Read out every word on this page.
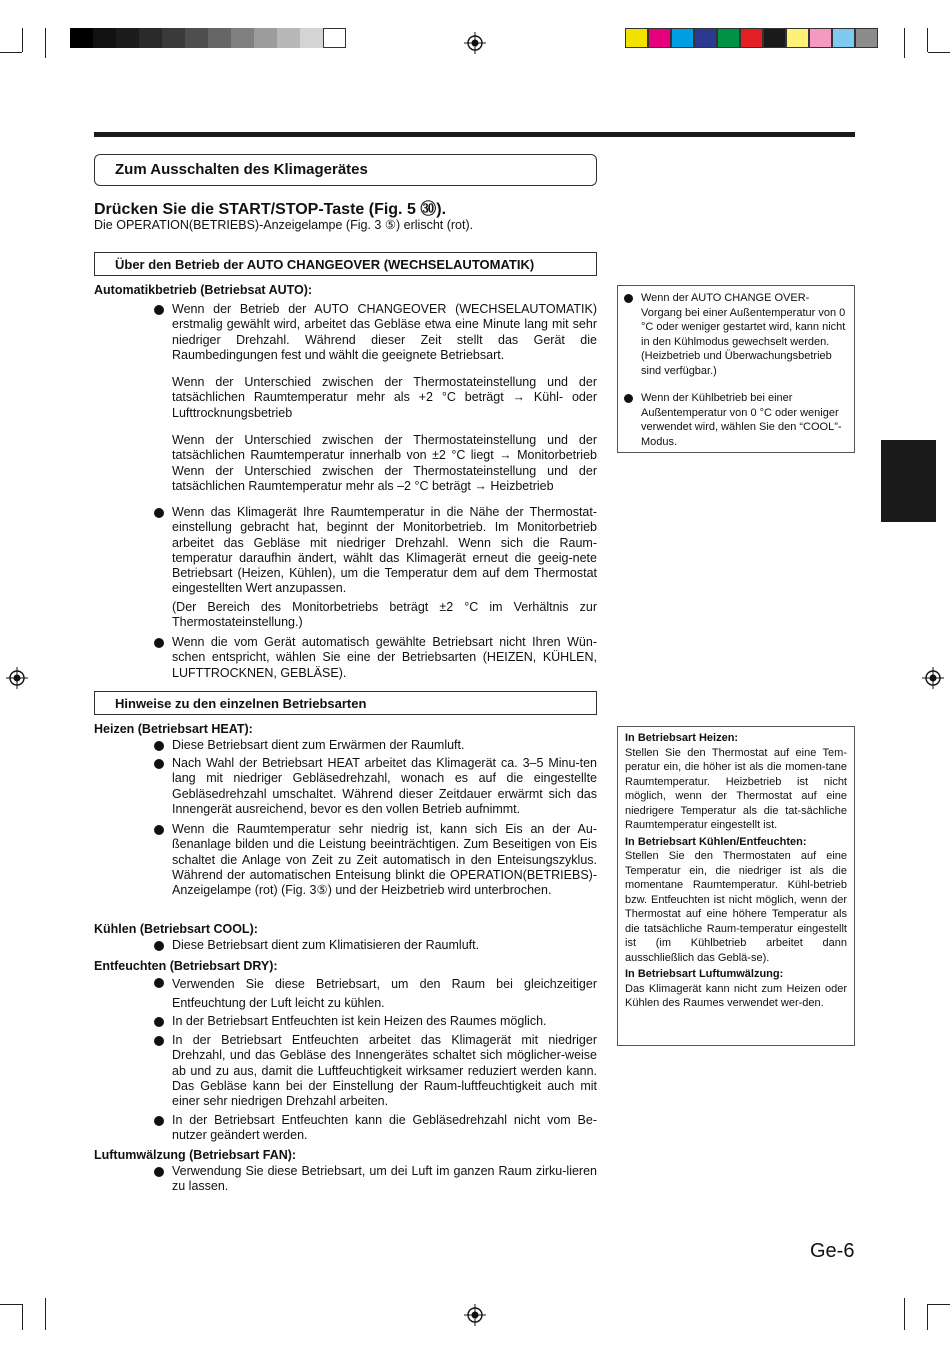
Zum Ausschalten des Klimagerätes
Drücken Sie die START/STOP-Taste (Fig. 5 ㉚).
Die OPERATION(BETRIEBS)-Anzeigelampe (Fig. 3 ⑤) erlischt (rot).
Über den Betrieb der AUTO CHANGEOVER (WECHSELAUTOMATIK)
Automatikbetrieb (Betriebsat AUTO):
Wenn der Betrieb der AUTO CHANGEOVER (WECHSELAUTOMATIK) erstmalig gewählt wird, arbeitet das Gebläse etwa eine Minute lang mit sehr niedriger Drehzahl. Während dieser Zeit stellt das Gerät die Raumbedingungen fest und wählt die geeignete Betriebsart.
Wenn der Unterschied zwischen der Thermostateinstellung und der tatsächlichen Raumtemperatur mehr als +2 °C beträgt → Kühl- oder Lufttrocknungsbetrieb
Wenn der Unterschied zwischen der Thermostateinstellung und der tatsächlichen Raumtemperatur innerhalb von ±2 °C liegt → Monitorbetrieb Wenn der Unterschied zwischen der Thermostateinstellung und der tatsächlichen Raumtemperatur mehr als –2 °C beträgt → Heizbetrieb
Wenn das Klimagerät Ihre Raumtemperatur in die Nähe der Thermostat-einstellung gebracht hat, beginnt der Monitorbetrieb. Im Monitorbetrieb arbeitet das Gebläse mit niedriger Drehzahl. Wenn sich die Raum-temperatur daraufhin ändert, wählt das Klimagerät erneut die geeig-nete Betriebsart (Heizen, Kühlen), um die Temperatur dem auf dem Thermostat eingestellten Wert anzupassen.
(Der Bereich des Monitorbetriebs beträgt ±2 °C im Verhältnis zur Thermostateinstellung.)
Wenn die vom Gerät automatisch gewählte Betriebsart nicht Ihren Wün-schen entspricht, wählen Sie eine der Betriebsarten (HEIZEN, KÜHLEN, LUFTTROCKNEN, GEBLÄSE).
Wenn der AUTO CHANGE OVER-Vorgang bei einer Außentemperatur von 0 °C oder weniger gestartet wird, kann nicht in den Kühlmodus gewechselt werden. (Heizbetrieb und Überwachungsbetrieb sind verfügbar.)
Wenn der Kühlbetrieb bei einer Außentemperatur von 0 °C oder weniger verwendet wird, wählen Sie den “COOL”-Modus.
Hinweise zu den einzelnen Betriebsarten
Heizen (Betriebsart HEAT):
Diese Betriebsart dient zum Erwärmen der Raumluft.
Nach Wahl der Betriebsart HEAT arbeitet das Klimagerät ca. 3–5 Minu-ten lang mit niedriger Gebläsedrehzahl, wonach es auf die eingestellte Gebläsedrehzahl umschaltet. Während dieser Zeitdauer erwärmt sich das Innengerät ausreichend, bevor es den vollen Betrieb aufnimmt.
Wenn die Raumtemperatur sehr niedrig ist, kann sich Eis an der Au-ßenanlage bilden und die Leistung beeinträchtigen. Zum Beseitigen von Eis schaltet die Anlage von Zeit zu Zeit automatisch in den Enteisungszyklus. Während der automatischen Enteisung blinkt die OPERATION(BETRIEBS)-Anzeigelampe (rot) (Fig. 3⑤) und der Heizbetrieb wird unterbrochen.
Kühlen (Betriebsart COOL):
Diese Betriebsart dient zum Klimatisieren der Raumluft.
Entfeuchten (Betriebsart DRY):
Verwenden Sie diese Betriebsart, um den Raum bei gleichzeitiger Entfeuchtung der Luft leicht zu kühlen.
In der Betriebsart Entfeuchten ist kein Heizen des Raumes möglich.
In der Betriebsart Entfeuchten arbeitet das Klimagerät mit niedriger Drehzahl, und das Gebläse des Innengerätes schaltet sich möglicher-weise ab und zu aus, damit die Luftfeuchtigkeit wirksamer reduziert werden kann. Das Gebläse kann bei der Einstellung der Raum-luftfeuchtigkeit auch mit einer sehr niedrigen Drehzahl arbeiten.
In der Betriebsart Entfeuchten kann die Gebläsedrehzahl nicht vom Be-nutzer geändert werden.
Luftumwälzung (Betriebsart FAN):
Verwendung Sie diese Betriebsart, um dei Luft im ganzen Raum zirku-lieren zu lassen.
In Betriebsart Heizen:
Stellen Sie den Thermostat auf eine Tem-peratur ein, die höher ist als die momen-tane Raumtemperatur. Heizbetrieb ist nicht möglich, wenn der Thermostat auf eine niedrigere Temperatur als die tat-sächliche Raumtemperatur eingestellt ist.
In Betriebsart Kühlen/Entfeuchten:
Stellen Sie den Thermostaten auf eine Temperatur ein, die niedriger ist als die momentane Raumtemperatur. Kühl-betrieb bzw. Entfeuchten ist nicht möglich, wenn der Thermostat auf eine höhere Temperatur als die tatsächliche Raum-temperatur eingestellt ist (im Kühlbetrieb arbeitet dann ausschließlich das Geblä-se).
In Betriebsart Luftumwälzung:
Das Klimagerät kann nicht zum Heizen oder Kühlen des Raumes verwendet wer-den.
Ge-6
